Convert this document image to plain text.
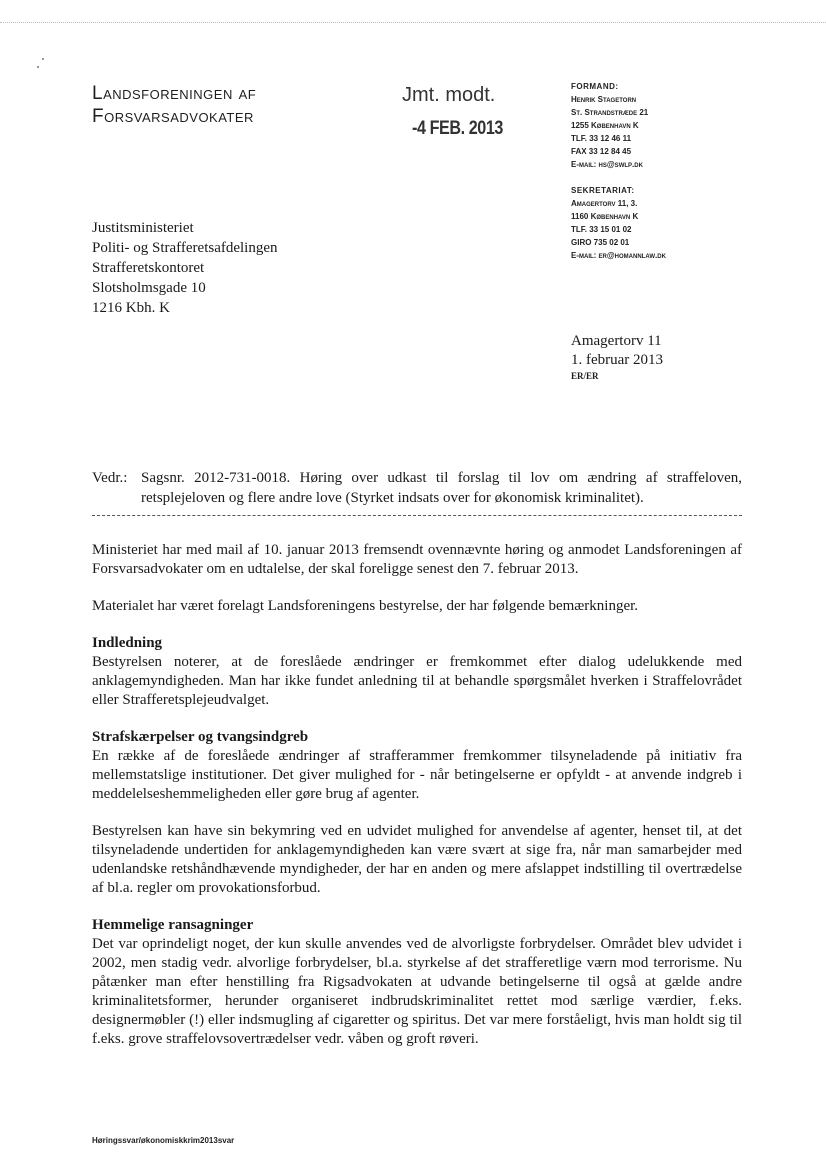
Landsforeningen af
Forsvarsadvokater
Jmt. modt.
-4 FEB. 2013
FORMAND:
Henrik Stagetorn
St. Strandstræde 21
1255 København K
TLF. 33 12 46 11
FAX 33 12 84 45
E-mail: hs@swlp.dk
SEKRETARIAT:
Amagertorv 11, 3.
1160 København K
TLF. 33 15 01 02
GIRO 735 02 01
E-mail: er@homannlaw.dk
Justitsministeriet
Politi- og Strafferetsafdelingen
Strafferetskontoret
Slotsholmsgade 10
1216 Kbh. K
Amagertorv 11
1. februar 2013
ER/ER
Vedr.: Sagsnr. 2012-731-0018. Høring over udkast til forslag til lov om ændring af straffeloven, retsplejeloven og flere andre love (Styrket indsats over for økonomisk kriminalitet).

Ministeriet har med mail af 10. januar 2013 fremsendt ovennævnte høring og anmodet Landsforeningen af Forsvarsadvokater om en udtalelse, der skal foreligge senest den 7. februar 2013.

Materialet har været forelagt Landsforeningens bestyrelse, der har følgende bemærkninger.

Indledning

Bestyrelsen noterer, at de foreslåede ændringer er fremkommet efter dialog udelukkende med anklagemyndigheden. Man har ikke fundet anledning til at behandle spørgsmålet hverken i Straffelovrådet eller Strafferetsplejeudvalget.

Strafskærpelser og tvangsindgreb

En række af de foreslåede ændringer af strafferammer fremkommer tilsyneladende på initiativ fra mellemstatslige institutioner. Det giver mulighed for - når betingelserne er opfyldt - at anvende indgreb i meddelelseshemmeligheden eller gøre brug af agenter.

Bestyrelsen kan have sin bekymring ved en udvidet mulighed for anvendelse af agenter, henset til, at det tilsyneladende undertiden for anklagemyndigheden kan være svært at sige fra, når man samarbejder med udenlandske retshåndhævende myndigheder, der har en anden og mere afslappet indstilling til overtrædelse af bl.a. regler om provokationsforbud.

Hemmelige ransagninger

Det var oprindeligt noget, der kun skulle anvendes ved de alvorligste forbrydelser. Området blev udvidet i 2002, men stadig vedr. alvorlige forbrydelser, bl.a. styrkelse af det strafferetlige værn mod terrorisme. Nu påtænker man efter henstilling fra Rigsadvokaten at udvande betingelserne til også at gælde andre kriminalitetsformer, herunder organiseret indbrudskriminalitet rettet mod særlige værdier, f.eks. designermøbler (!) eller indsmugling af cigaretter og spiritus. Det var mere forståeligt, hvis man holdt sig til f.eks. grove straffelovsovertrædelser vedr. våben og groft røveri.

Høringssvar/økonomiskkrim2013svar
